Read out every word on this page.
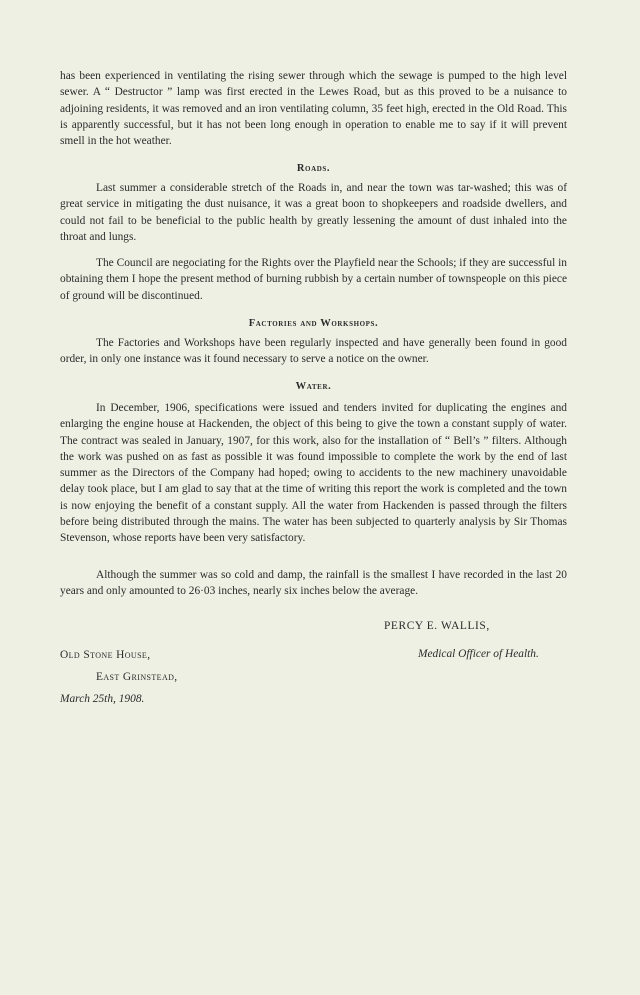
has been experienced in ventilating the rising sewer through which the sewage is pumped to the high level sewer. A “ Destructor ” lamp was first erected in the Lewes Road, but as this proved to be a nuisance to adjoining residents, it was removed and an iron ventilating column, 35 feet high, erected in the Old Road. This is apparently successful, but it has not been long enough in operation to enable me to say if it will prevent smell in the hot weather.

Roads.

Last summer a considerable stretch of the Roads in, and near the town was tar-washed; this was of great service in mitigating the dust nuisance, it was a great boon to shopkeepers and roadside dwellers, and could not fail to be beneficial to the public health by greatly lessening the amount of dust inhaled into the throat and lungs.

The Council are negociating for the Rights over the Playfield near the Schools; if they are successful in obtaining them I hope the present method of burning rubbish by a certain number of townspeople on this piece of ground will be discontinued.

Factories and Workshops.

The Factories and Workshops have been regularly inspected and have generally been found in good order, in only one instance was it found necessary to serve a notice on the owner.

Water.

In December, 1906, specifications were issued and tenders invited for duplicating the engines and enlarging the engine house at Hackenden, the object of this being to give the town a constant supply of water. The contract was sealed in January, 1907, for this work, also for the installation of “ Bell’s ” filters. Although the work was pushed on as fast as possible it was found impossible to complete the work by the end of last summer as the Directors of the Company had hoped; owing to accidents to the new machinery unavoidable delay took place, but I am glad to say that at the time of writing this report the work is completed and the town is now enjoying the benefit of a constant supply. All the water from Hackenden is passed through the filters before being distributed through the mains. The water has been subjected to quarterly analysis by Sir Thomas Stevenson, whose reports have been very satisfactory.

Although the summer was so cold and damp, the rainfall is the smallest I have recorded in the last 20 years and only amounted to 26·03 inches, nearly six inches below the average.

PERCY E. WALLIS,
Medical Officer of Health.
Old Stone House,
East Grinstead,
March 25th, 1908.
